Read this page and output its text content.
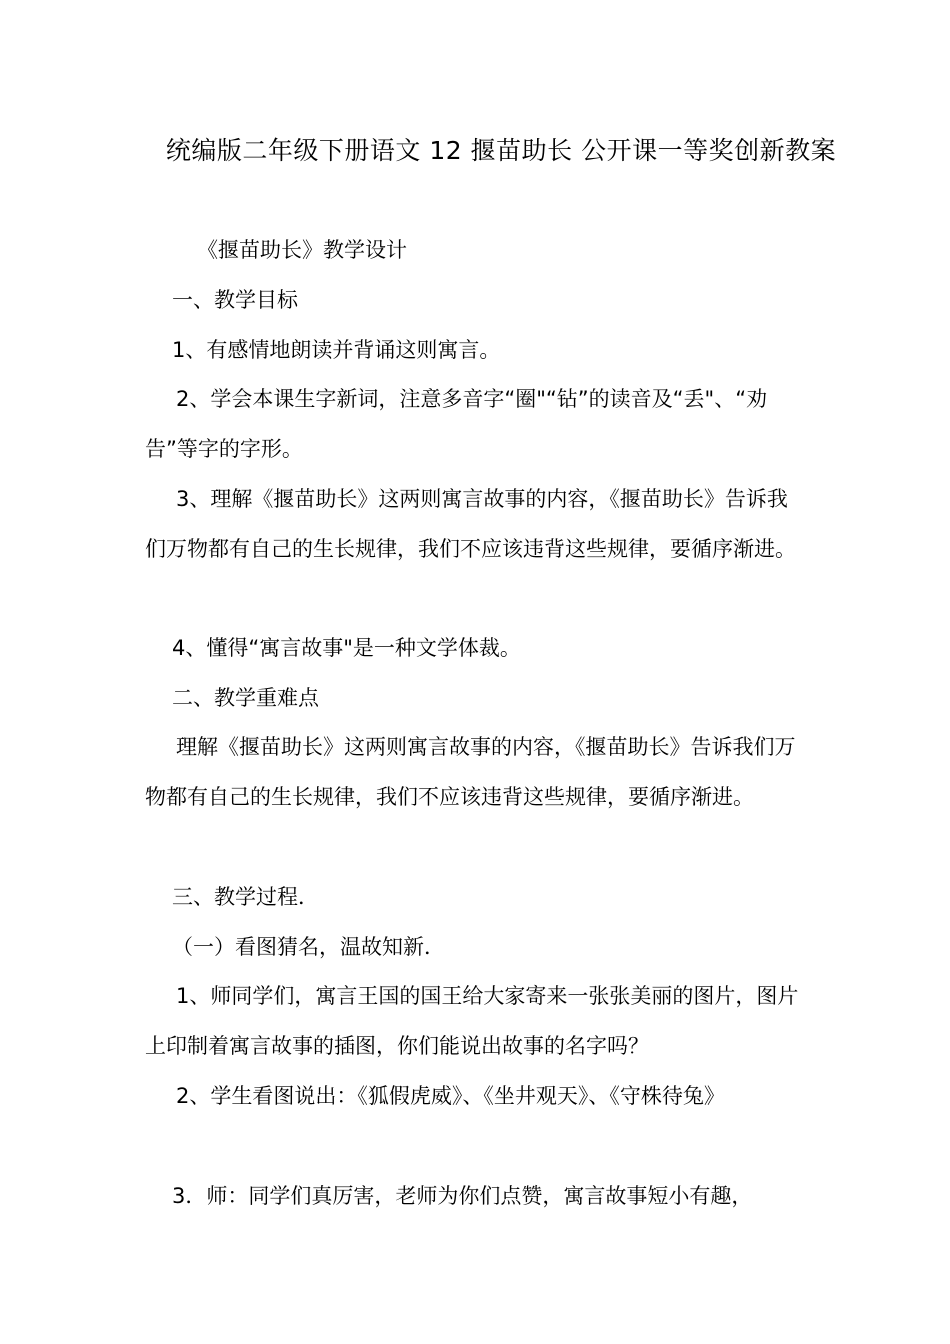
统编版二年级下册语文 12 揠苗助长 公开课一等奖创新教案
《揠苗助长》教学设计
一、教学目标
1、有感情地朗读并背诵这则寓言。
2、学会本课生字新词，注意多音字“圈"“钻”的读音及“丢"、“劝告”等字的字形。
3、理解《揠苗助长》这两则寓言故事的内容，《揠苗助长》告诉我们万物都有自己的生长规律，我们不应该违背这些规律，要循序渐进。
4、懂得“寓言故事"是一种文学体裁。
二、教学重难点
理解《揠苗助长》这两则寓言故事的内容，《揠苗助长》告诉我们万物都有自己的生长规律，我们不应该违背这些规律，要循序渐进。
三、教学过程．
（一）看图猜名，温故知新．
1、师同学们，寓言王国的国王给大家寄来一张张美丽的图片，图片上印制着寓言故事的插图，你们能说出故事的名字吗？
2、学生看图说出：《狐假虎威》、《坐井观天》、《守株待兔》
3．师：同学们真厉害，老师为你们点赞，寓言故事短小有趣，
